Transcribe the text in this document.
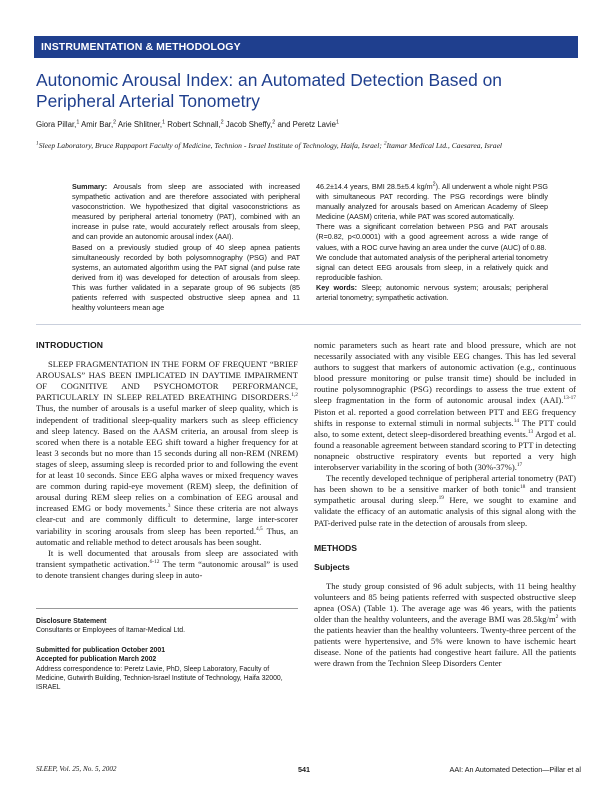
INSTRUMENTATION & METHODOLOGY
Autonomic Arousal Index: an Automated Detection Based on Peripheral Arterial Tonometry
Giora Pillar,$^1$ Amir Bar,$^2$ Arie Shlitner,$^1$ Robert Schnall,$^2$ Jacob Sheffy,$^2$ and Peretz Lavie$^1$
$^1$Sleep Laboratory, Bruce Rappaport Faculty of Medicine, Technion - Israel Institute of Technology, Haifa, Israel; $^2$Itamar Medical Ltd., Caesarea, Israel

Summary: Arousals from sleep are associated with increased sympathetic activation and are therefore associated with peripheral vasoconstriction. We hypothesized that digital vasoconstrictions as measured by peripheral arterial tonometry (PAT), combined with an increase in pulse rate, would accurately reflect arousals from sleep, and can provide an autonomic arousal index (AAI).

Based on a previously studied group of 40 sleep apnea patients simultaneously recorded by both polysomnography (PSG) and PAT systems, an automated algorithm using the PAT signal (and pulse rate derived from it) was developed for detection of arousals from sleep. This was further validated in a separate group of 96 subjects (85 patients referred with suspected obstructive sleep apnea and 11 healthy volunteers mean age

46.2±14.4 years, BMI 28.5±5.4 $kg/m^2$). All underwent a whole night PSG with simultaneous PAT recording. The PSG recordings were blindly manually analyzed for arousals based on American Academy of Sleep Medicine (AASM) criteria, while PAT was scored automatically.

There was a significant correlation between PSG and PAT arousals (R=0.82, p<0.0001) with a good agreement across a wide range of values, with a ROC curve having an area under the curve (AUC) of 0.88.

We conclude that automated analysis of the peripheral arterial tonometry signal can detect EEG arousals from sleep, in a relatively quick and reproducible fashion.

Key words: Sleep; autonomic nervous system; arousals; peripheral arterial tonometry; sympathetic activation.

INTRODUCTION

SLEEP FRAGMENTATION IN THE FORM OF FREQUENT “BRIEF AROUSALS” HAS BEEN IMPLICATED IN DAYTIME IMPAIRMENT OF COGNITIVE AND PSYCHOMOTOR PERFORMANCE, PARTICULARLY IN SLEEP RELATED BREATHING DISORDERS.$^{1,2}$ Thus, the number of arousals is a useful marker of sleep quality, which is independent of traditional sleep-quality markers such as sleep efficiency and sleep latency. Based on the AASM criteria, an arousal from sleep is scored when there is a notable EEG shift toward a higher frequency for at least 3 seconds but no more than 15 seconds during all non-REM (NREM) stages of sleep, assuming sleep is recorded prior to and following the event for at least 10 seconds. Since EEG alpha waves or mixed frequency waves are common during rapid-eye movement (REM) sleep, the definition of arousal during REM sleep relies on a combination of EEG arousal and increased EMG or body movements.$^3$ Since these criteria are not always clear-cut and are commonly difficult to determine, large inter-scorer variability in scoring arousals from sleep has been reported.$^{4,5}$ Thus, an automatic and reliable method to detect arousals has been sought.

It is well documented that arousals from sleep are associated with transient sympathetic activation.$^{6-12}$ The term “autonomic arousal” is used to denote transient changes during sleep in auto-

nomic parameters such as heart rate and blood pressure, which are not necessarily associated with any visible EEG changes. This has led several authors to suggest that markers of autonomic activation (e.g., continuous blood pressure monitoring or pulse transit time) should be included in routine polysomnographic (PSG) recordings to assess the true extent of sleep fragmentation in the form of autonomic arousal index (AAI).$^{13-17}$ Piston et al. reported a good correlation between PTT and EEG frequency shifts in response to external stimuli in normal subjects.$^{14}$ The PTT could also, to some extent, detect sleep-disordered breathing events.$^{13}$ Argod et al. found a reasonable agreement between standard scoring to PTT in detecting nonapneic obstructive respiratory events but reported a very high interobserver variability in the scoring of both (30%-37%).$^{17}$

The recently developed technique of peripheral arterial tonometry (PAT) has been shown to be a sensitive marker of both tonic$^{18}$ and transient sympathetic arousal during sleep.$^{19}$ Here, we sought to examine and validate the efficacy of an automatic analysis of this signal along with the PAT-derived pulse rate in the detection of arousals from sleep.

METHODS
Subjects

The study group consisted of 96 adult subjects, with 11 being healthy volunteers and 85 being patients referred with suspected obstructive sleep apnea (OSA) (Table 1). The average age was 46 years, with the patients older than the healthy volunteers, and the average BMI was $28.5kg/m^2$ with the patients heavier than the healthy volunteers. Twenty-three percent of the patients were hypertensive, and 5% were known to have ischemic heart disease. None of the patients had congestive heart failure. All the patients were drawn from the Technion Sleep Disorders Center

Disclosure Statement

Consultants or Employees of Itamar-Medical Ltd.

Submitted for publication October 2001

Accepted for publication March 2002

Address correspondence to: Peretz Lavie, PhD, Sleep Laboratory, Faculty of Medicine, Gutwirth Building, Technion-Israel Institute of Technology, Haifa 32000, ISRAEL

SLEEP, Vol. 25, No. 5, 2002	541	AAI: An Automated Detection—Pillar et al
